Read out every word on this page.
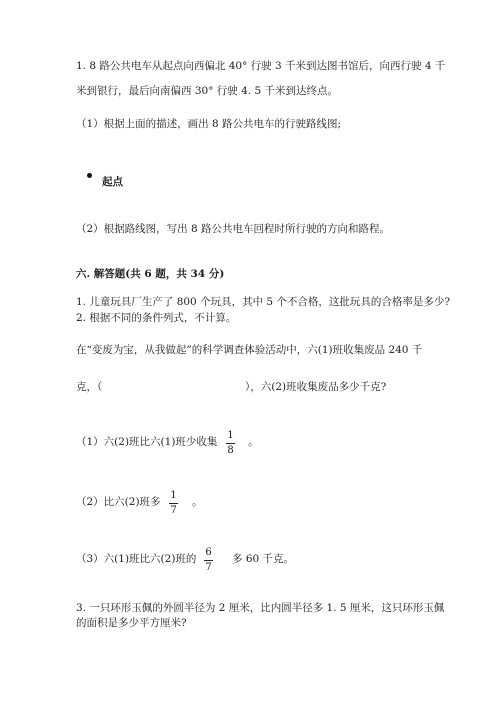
1. 8 路公共电车从起点向西偏北 40° 行驶 3 千米到达图书馆后，向西行驶 4 千
米到银行，最后向南偏西 30° 行驶 4. 5 千米到达终点。
（1）根据上面的描述，画出 8 路公共电车的行驶路线图;
起点
（2）根据路线图，写出 8 路公共电车回程时所行驶的方向和路程。
六. 解答题(共 6 题，共 34 分)
1. 儿童玩具厂生产了 800 个玩具，其中 5 个不合格，这批玩具的合格率是多少?
2. 根据不同的条件列式，不计算。
在“变废为宝，从我做起”的科学调查体验活动中，六(1)班收集废品 240 千
克，（	），六(2)班收集废品多少千克?
（1）六(2)班比六(1)班少收集
1
8
。
（2）比六(2)班多
1
7
。
（3）六(1)班比六(2)班的
6
7
多 60 千克。
3. 一只环形玉佩的外圆半径为 2 厘米，比内圆半径多 1. 5 厘米，这只环形玉佩
的面积是多少平方厘米?
